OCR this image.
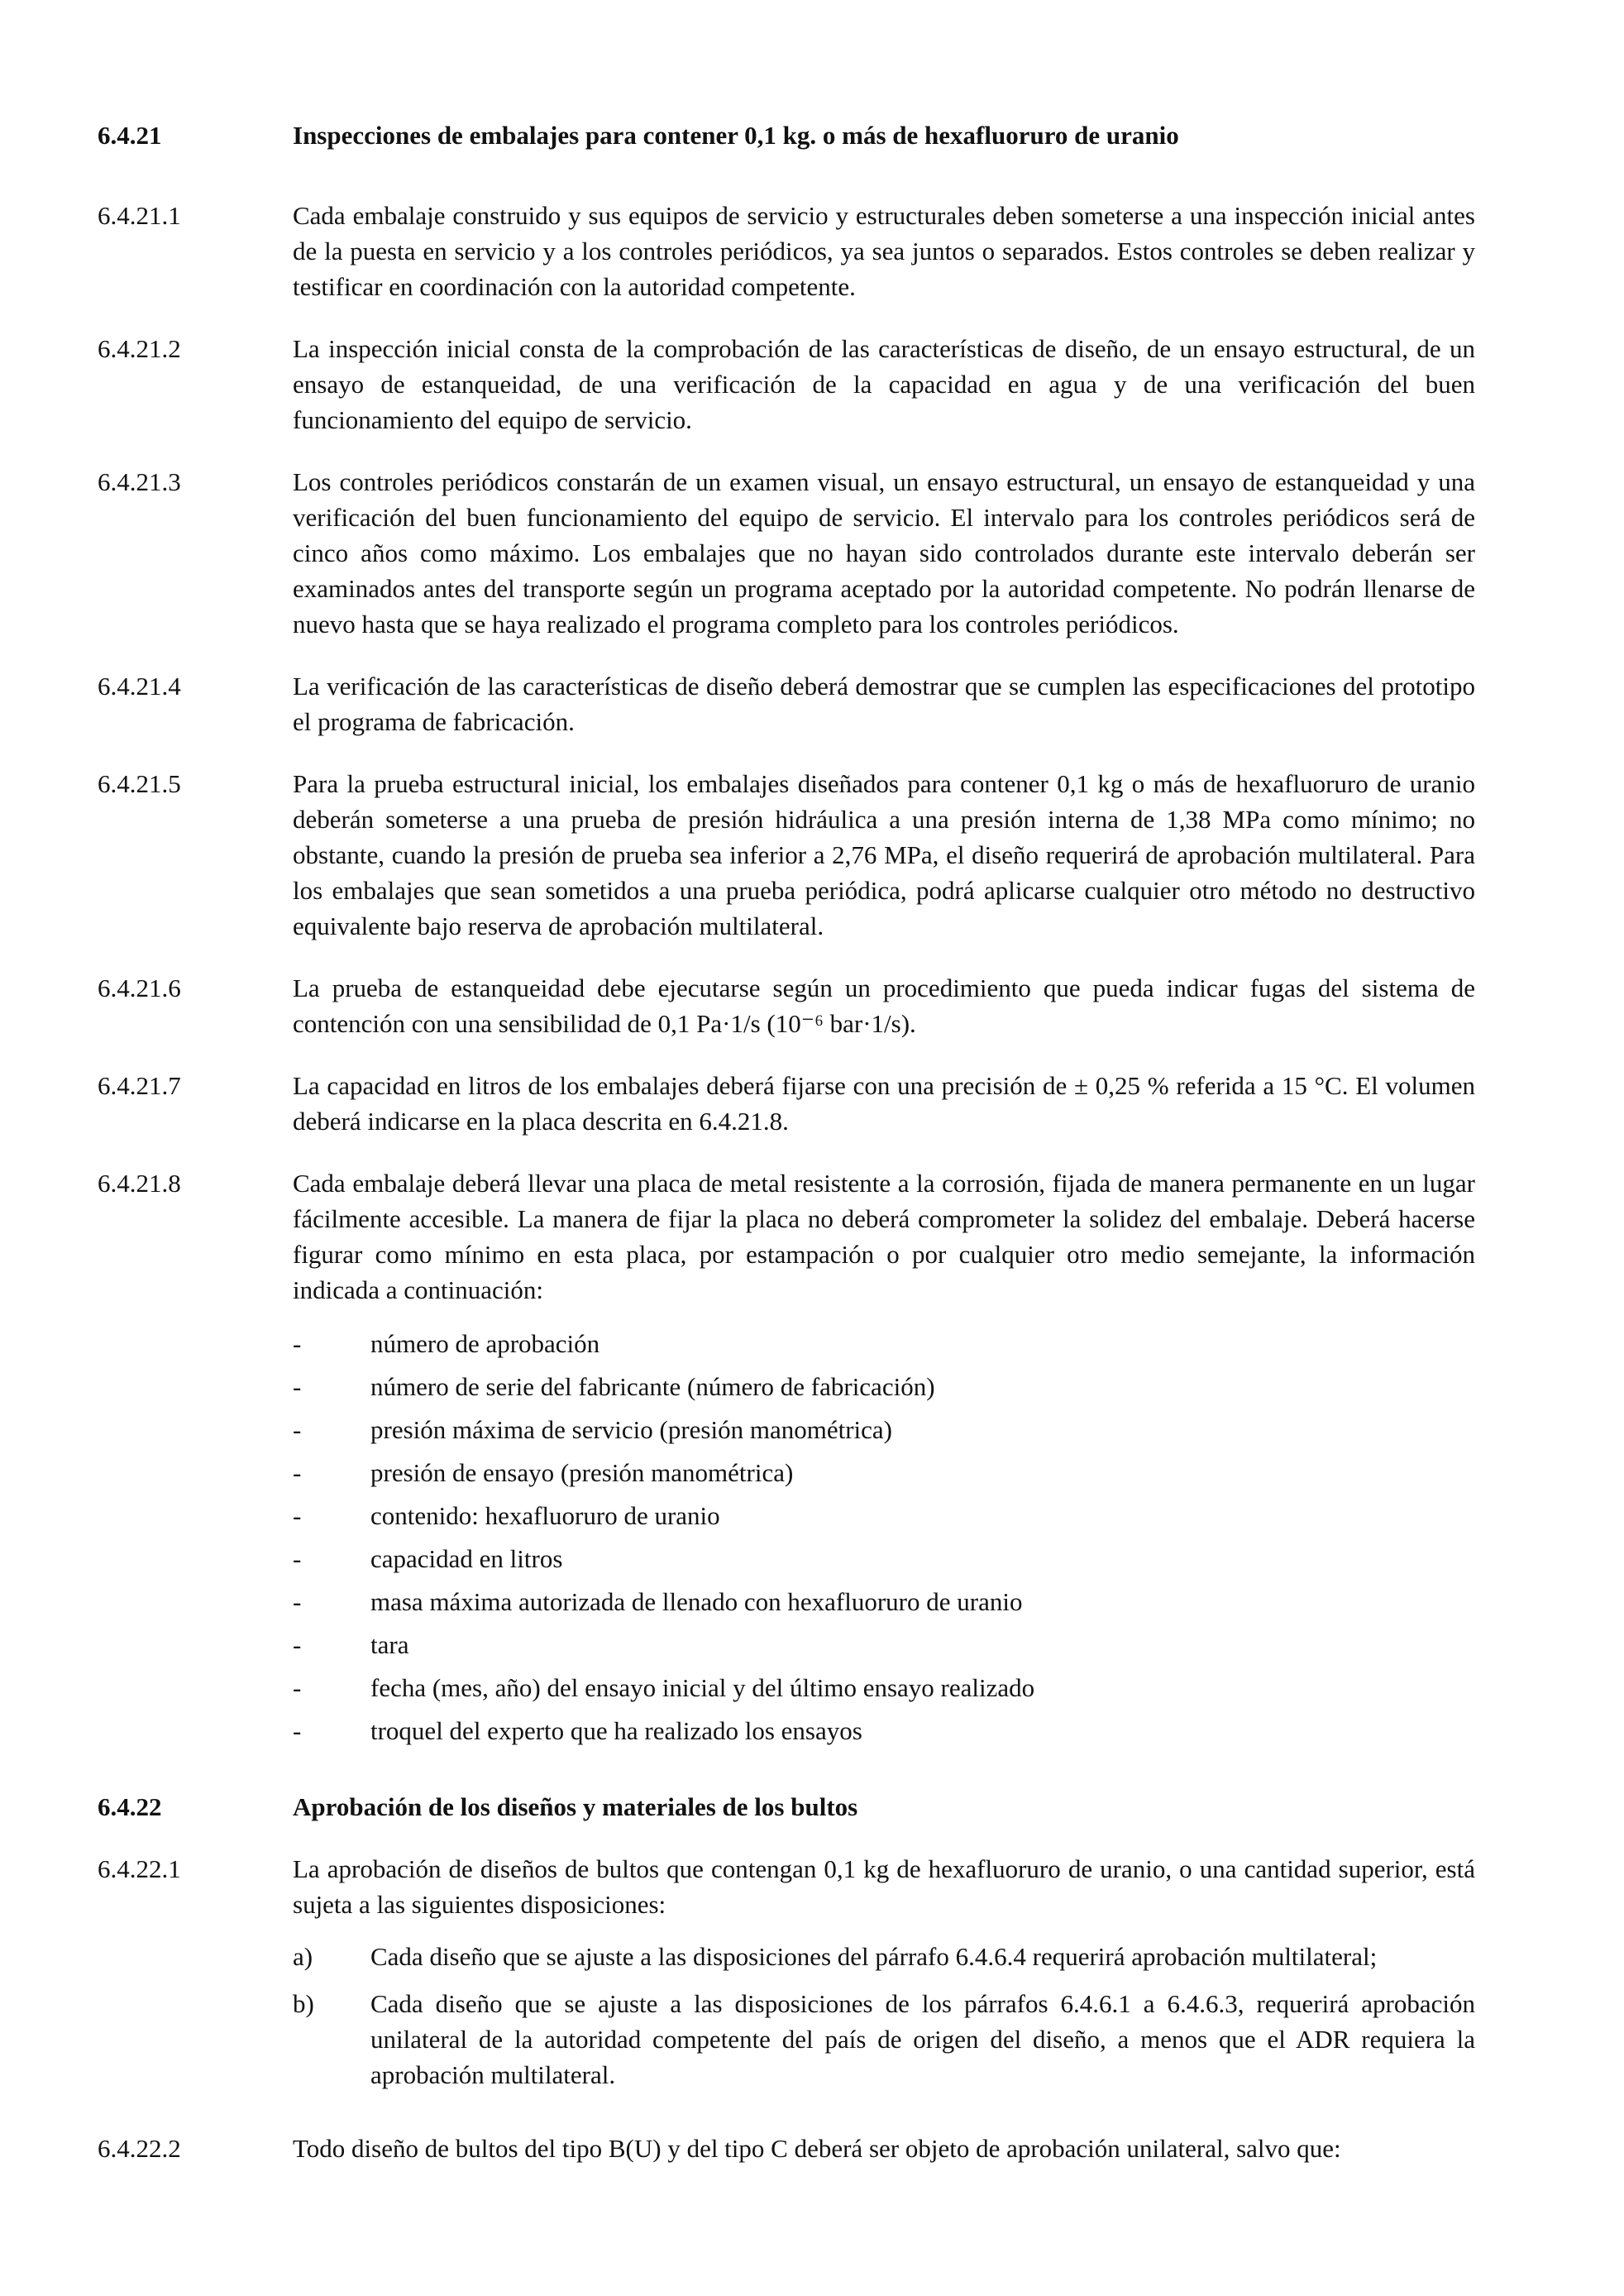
6.4.21	Inspecciones de embalajes para contener 0,1 kg. o más de hexafluoruro de uranio
6.4.21.1	Cada embalaje construido y sus equipos de servicio y estructurales deben someterse a una inspección inicial antes de la puesta en servicio y a los controles periódicos, ya sea juntos o separados. Estos controles se deben realizar y testificar en coordinación con la autoridad competente.
6.4.21.2	La inspección inicial consta de la comprobación de las características de diseño, de un ensayo estructural, de un ensayo de estanqueidad, de una verificación de la capacidad en agua y de una verificación del buen funcionamiento del equipo de servicio.
6.4.21.3	Los controles periódicos constarán de un examen visual, un ensayo estructural, un ensayo de estanqueidad y una verificación del buen funcionamiento del equipo de servicio. El intervalo para los controles periódicos será de cinco años como máximo. Los embalajes que no hayan sido controlados durante este intervalo deberán ser examinados antes del transporte según un programa aceptado por la autoridad competente. No podrán llenarse de nuevo hasta que se haya realizado el programa completo para los controles periódicos.
6.4.21.4	La verificación de las características de diseño deberá demostrar que se cumplen las especificaciones del prototipo el programa de fabricación.
6.4.21.5	Para la prueba estructural inicial, los embalajes diseñados para contener 0,1 kg o más de hexafluoruro de uranio deberán someterse a una prueba de presión hidráulica a una presión interna de 1,38 MPa como mínimo; no obstante, cuando la presión de prueba sea inferior a 2,76 MPa, el diseño requerirá de aprobación multilateral. Para los embalajes que sean sometidos a una prueba periódica, podrá aplicarse cualquier otro método no destructivo equivalente bajo reserva de aprobación multilateral.
6.4.21.6	La prueba de estanqueidad debe ejecutarse según un procedimiento que pueda indicar fugas del sistema de contención con una sensibilidad de 0,1 Pa·1/s (10⁻⁶ bar·1/s).
6.4.21.7	La capacidad en litros de los embalajes deberá fijarse con una precisión de ± 0,25 % referida a 15 °C. El volumen deberá indicarse en la placa descrita en 6.4.21.8.
6.4.21.8	Cada embalaje deberá llevar una placa de metal resistente a la corrosión, fijada de manera permanente en un lugar fácilmente accesible. La manera de fijar la placa no deberá comprometer la solidez del embalaje. Deberá hacerse figurar como mínimo en esta placa, por estampación o por cualquier otro medio semejante, la información indicada a continuación:
-	número de aprobación
-	número de serie del fabricante (número de fabricación)
-	presión máxima de servicio (presión manométrica)
-	presión de ensayo (presión manométrica)
-	contenido: hexafluoruro de uranio
-	capacidad en litros
-	masa máxima autorizada de llenado con hexafluoruro de uranio
-	tara
-	fecha (mes, año) del ensayo inicial y del último ensayo realizado
-	troquel del experto que ha realizado los ensayos
6.4.22	Aprobación de los diseños y materiales de los bultos
6.4.22.1	La aprobación de diseños de bultos que contengan 0,1 kg de hexafluoruro de uranio, o una cantidad superior, está sujeta a las siguientes disposiciones:
a)	Cada diseño que se ajuste a las disposiciones del párrafo 6.4.6.4 requerirá aprobación multilateral;
b)	Cada diseño que se ajuste a las disposiciones de los párrafos 6.4.6.1 a 6.4.6.3, requerirá aprobación unilateral de la autoridad competente del país de origen del diseño, a menos que el ADR requiera la aprobación multilateral.
6.4.22.2	Todo diseño de bultos del tipo B(U) y del tipo C deberá ser objeto de aprobación unilateral, salvo que:
